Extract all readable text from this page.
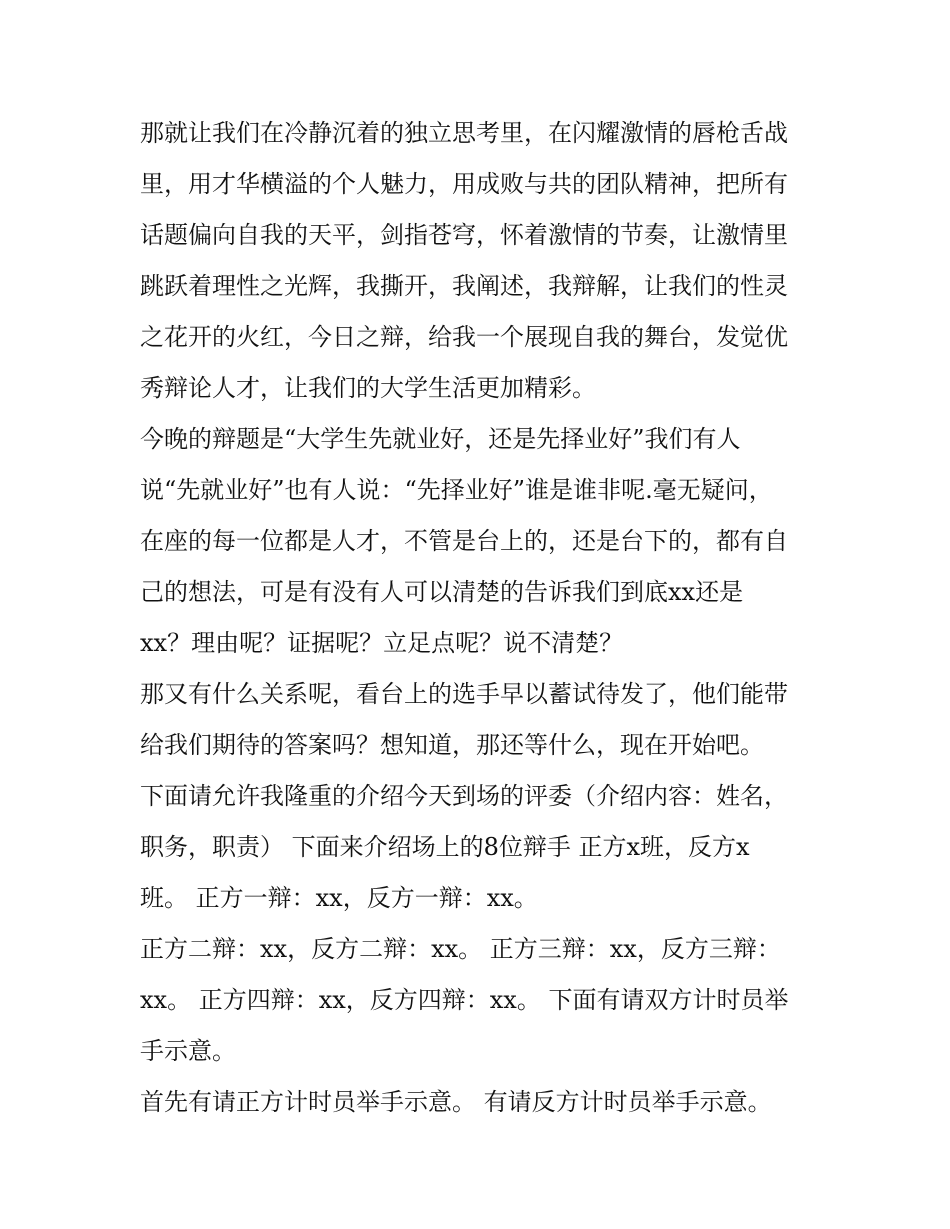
那就让我们在冷静沉着的独立思考里，在闪耀激情的唇枪舌战

里，用才华横溢的个人魅力，用成败与共的团队精神，把所有

话题偏向自我的天平，剑指苍穹，怀着激情的节奏，让激情里

跳跃着理性之光辉，我撕开，我阐述，我辩解，让我们的性灵

之花开的火红，今日之辩，给我一个展现自我的舞台，发觉优

秀辩论人才，让我们的大学生活更加精彩。

今晚的辩题是“大学生先就业好，还是先择业好”我们有人

说“先就业好”也有人说：“先择业好”谁是谁非呢.毫无疑问，

在座的每一位都是人才，不管是台上的，还是台下的，都有自

己的想法，可是有没有人可以清楚的告诉我们到底xx还是

xx？理由呢？证据呢？立足点呢？说不清楚？

那又有什么关系呢，看台上的选手早以蓄试待发了，他们能带

给我们期待的答案吗？想知道，那还等什么，现在开始吧。

下面请允许我隆重的介绍今天到场的评委（介绍内容：姓名，

职务，职责） 下面来介绍场上的8位辩手 正方x班，反方x

班。 正方一辩：xx，反方一辩：xx。

正方二辩：xx，反方二辩：xx。 正方三辩：xx，反方三辩：

xx。 正方四辩：xx，反方四辩：xx。 下面有请双方计时员举

手示意。

首先有请正方计时员举手示意。 有请反方计时员举手示意。
